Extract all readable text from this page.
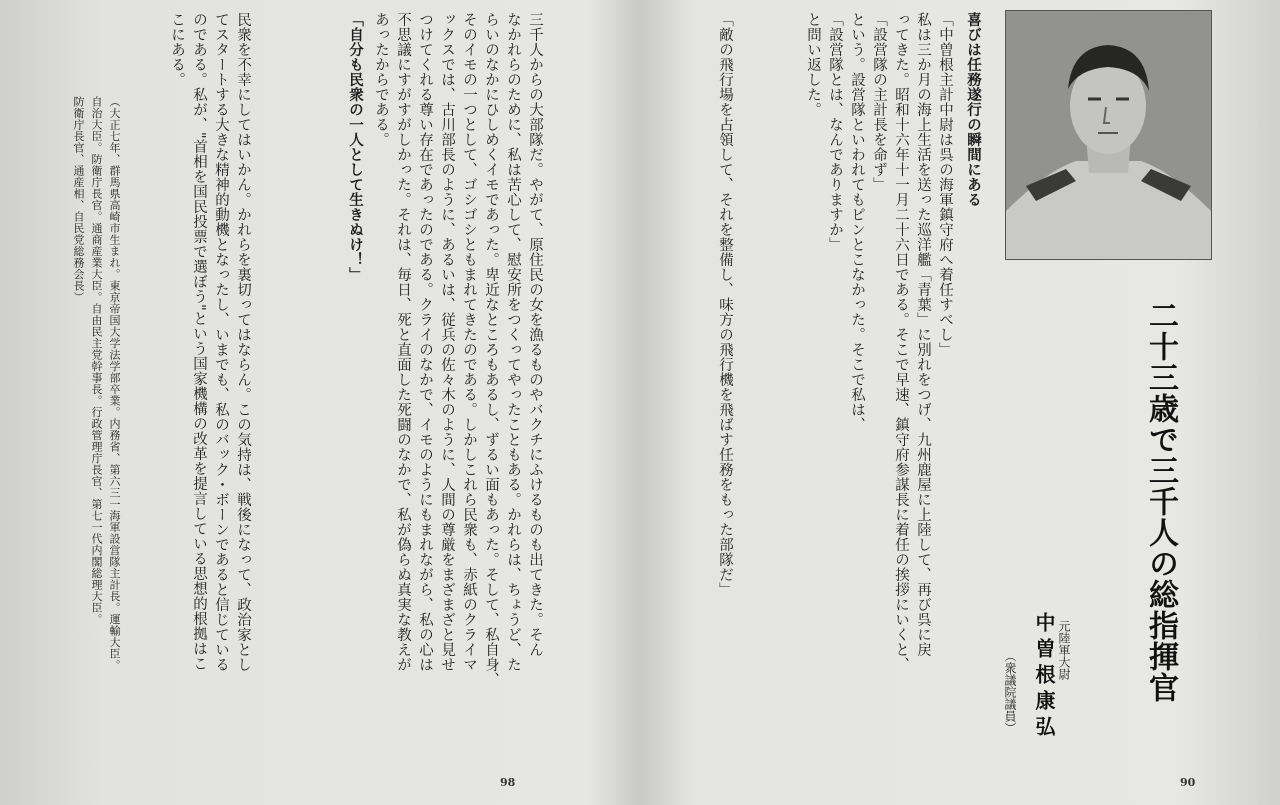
喜びは任務遂行の瞬間にある
「中曽根主計中尉は呉の海軍鎮守府へ着任すべし」
私は三か月の海上生活を送った巡洋艦「青葉」に別れをつげ、九州鹿屋に上陸して、再び呉に戻
ってきた。昭和十六年十一月二十六日である。そこで早速、鎮守府参謀長に着任の挨拶にいくと、
「設営隊の主計長を命ず」
という。設営隊といわれてもピンとこなかった。そこで私は、
「設営隊とは、なんでありますか」
と問い返した。
「敵の飛行場を占領して、それを整備し、味方の飛行機を飛ばす任務をもった部隊だ」	二十三歳で三千人の総指揮官
元陸軍大尉
中曽根康弘
（衆議院議員）
90
三千人からの大部隊だ。やがて、原住民の女を漁るものやバクチにふけるものも出てきた。そん
なかれらのために、私は苦心して、慰安所をつくってやったこともある。かれらは、ちょうど、た
らいのなかにひしめくイモであった。卑近なところもあるし、ずるい面もあった。そして、私自身、
そのイモの一つとして、ゴシゴシともまれてきたのである。しかしこれら民衆も、赤紙のクライマ
ックスでは、古川部長のように、あるいは、従兵の佐々木のように、人間の尊厳をまざまざと見せ
つけてくれる尊い存在であったのである。クライのなかで、イモのようにもまれながら、私の心は
不思議にすがすがしかった。それは、毎日、死と直面した死闘のなかで、私が偽らぬ真実な教えが
あったからである。
「自分も民衆の一人として生きぬけ！」
民衆を不幸にしてはいかん。かれらを裏切ってはならん。この気持は、戦後になって、政治家とし
てスタートする大きな精神的動機となったし、いまでも、私のバック・ボーンであると信じている
のである。私が、"首相を国民投票で選ぼう"という国家機構の改革を提言している思想的根拠はこ
こにある。
（大正七年、群馬県高崎市生まれ。東京帝国大学法学部卒業。内務省、第六三一海軍設営隊主計長。運輸大臣。
自治大臣。防衛庁長官。通商産業大臣。自由民主党幹事長。行政管理庁長官、第七一代内閣総理大臣。
防衛庁長官、通産相、自民党総務会長）
98
